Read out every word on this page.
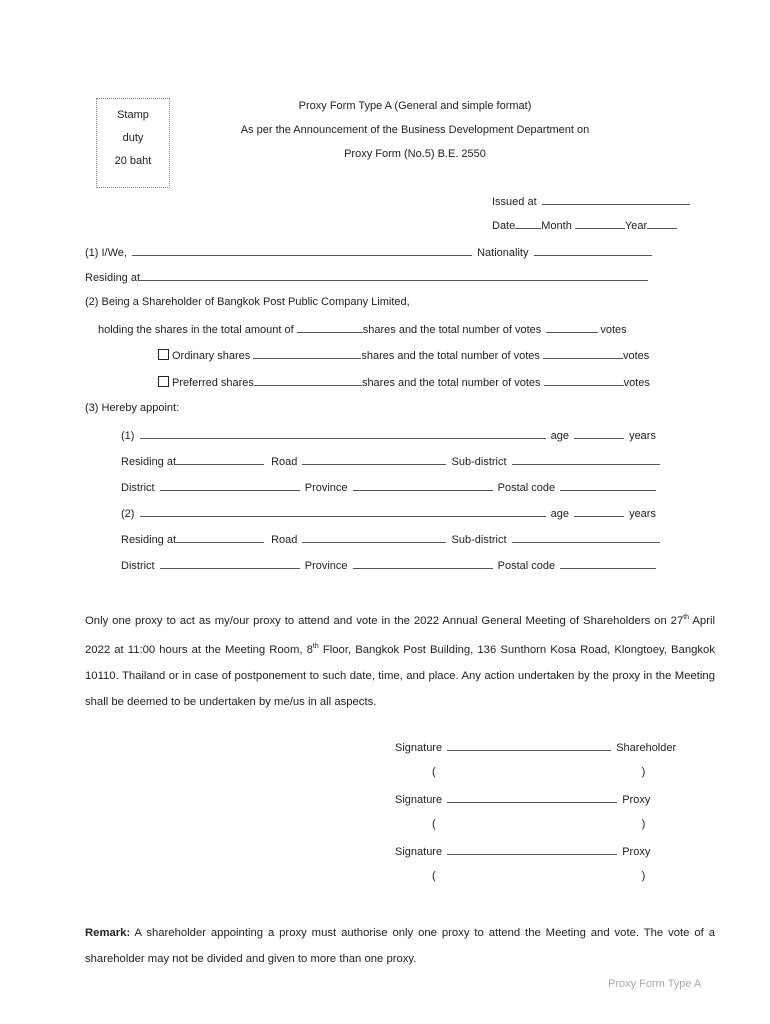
Stamp
duty
20 baht
Proxy Form Type A (General and simple format)
As per the Announcement of the Business Development Department on
Proxy Form (No.5) B.E. 2550
Issued at
Date Month	Year
(1) I/We,	Nationality
Residing at
(2) Being a Shareholder of Bangkok Post Public Company Limited,
holding the shares in the total amount of	shares and the total number of votes	votes
Ordinary shares	shares and the total number of votes	votes
Preferred shares	shares and the total number of votes	votes
(3) Hereby appoint:
(1)	age	years
Residing at	Road	Sub-district
District	Province	Postal code
(2)	age	years
Residing at	Road	Sub-district
District	Province	Postal code
Only one proxy to act as my/our proxy to attend and vote in the 2022 Annual General Meeting of Shareholders on 27th April 2022 at 11:00 hours at the Meeting Room, 8th Floor, Bangkok Post Building, 136 Sunthorn Kosa Road, Klongtoey, Bangkok 10110. Thailand or in case of postponement to such date, time, and place. Any action undertaken by the proxy in the Meeting shall be deemed to be undertaken by me/us in all aspects.
Signature	Shareholder
(	)
Signature	Proxy
(	)
Signature	Proxy
(	)
Remark: A shareholder appointing a proxy must authorise only one proxy to attend the Meeting and vote. The vote of a shareholder may not be divided and given to more than one proxy.
Proxy Form Type A
